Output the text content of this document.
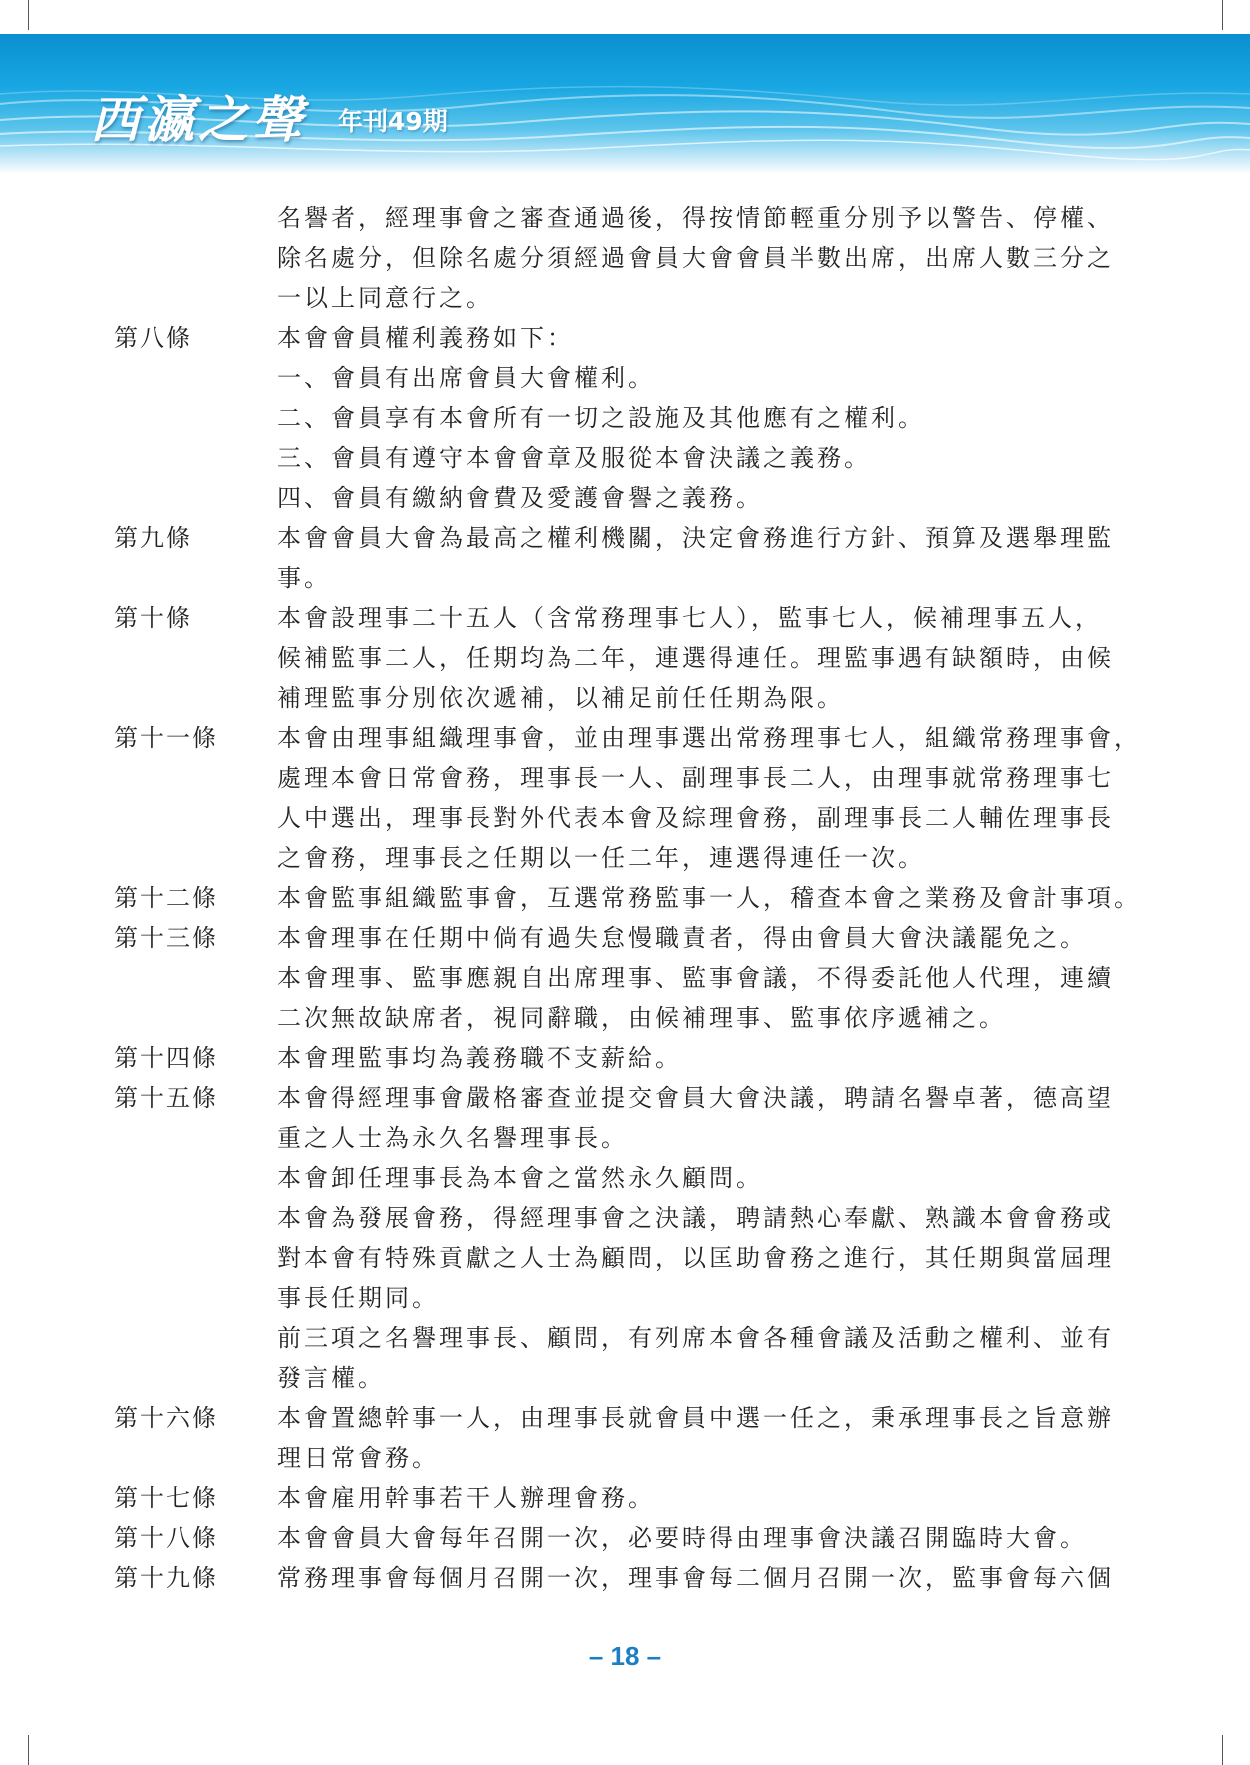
西瀛之聲 年刊49期
名譽者，經理事會之審查通過後，得按情節輕重分別予以警告、停權、
除名處分，但除名處分須經過會員大會會員半數出席，出席人數三分之
一以上同意行之。
第八條	本會會員權利義務如下：
一、會員有出席會員大會權利。
二、會員享有本會所有一切之設施及其他應有之權利。
三、會員有遵守本會會章及服從本會決議之義務。
四、會員有繳納會費及愛護會譽之義務。
第九條	本會會員大會為最高之權利機關，決定會務進行方針、預算及選舉理監
事。
第十條	本會設理事二十五人（含常務理事七人），監事七人，候補理事五人，
候補監事二人，任期均為二年，連選得連任。理監事遇有缺額時，由候
補理監事分別依次遞補，以補足前任任期為限。
第十一條 本會由理事組織理事會，並由理事選出常務理事七人，組織常務理事會，
處理本會日常會務，理事長一人、副理事長二人，由理事就常務理事七
人中選出，理事長對外代表本會及綜理會務，副理事長二人輔佐理事長
之會務，理事長之任期以一任二年，連選得連任一次。
第十二條 本會監事組織監事會，互選常務監事一人，稽查本會之業務及會計事項。
第十三條 本會理事在任期中倘有過失怠慢職責者，得由會員大會決議罷免之。
本會理事、監事應親自出席理事、監事會議，不得委託他人代理，連續
二次無故缺席者，視同辭職，由候補理事、監事依序遞補之。
第十四條 本會理監事均為義務職不支薪給。
第十五條 本會得經理事會嚴格審查並提交會員大會決議，聘請名譽卓著，德高望
重之人士為永久名譽理事長。
本會卸任理事長為本會之當然永久顧問。
本會為發展會務，得經理事會之決議，聘請熱心奉獻、熟識本會會務或
對本會有特殊貢獻之人士為顧問，以匡助會務之進行，其任期與當屆理
事長任期同。
前三項之名譽理事長、顧問，有列席本會各種會議及活動之權利、並有
發言權。
第十六條 本會置總幹事一人，由理事長就會員中選一任之，秉承理事長之旨意辦
理日常會務。
第十七條 本會雇用幹事若干人辦理會務。
第十八條 本會會員大會每年召開一次，必要時得由理事會決議召開臨時大會。
第十九條 常務理事會每個月召開一次，理事會每二個月召開一次，監事會每六個
– 18 –
